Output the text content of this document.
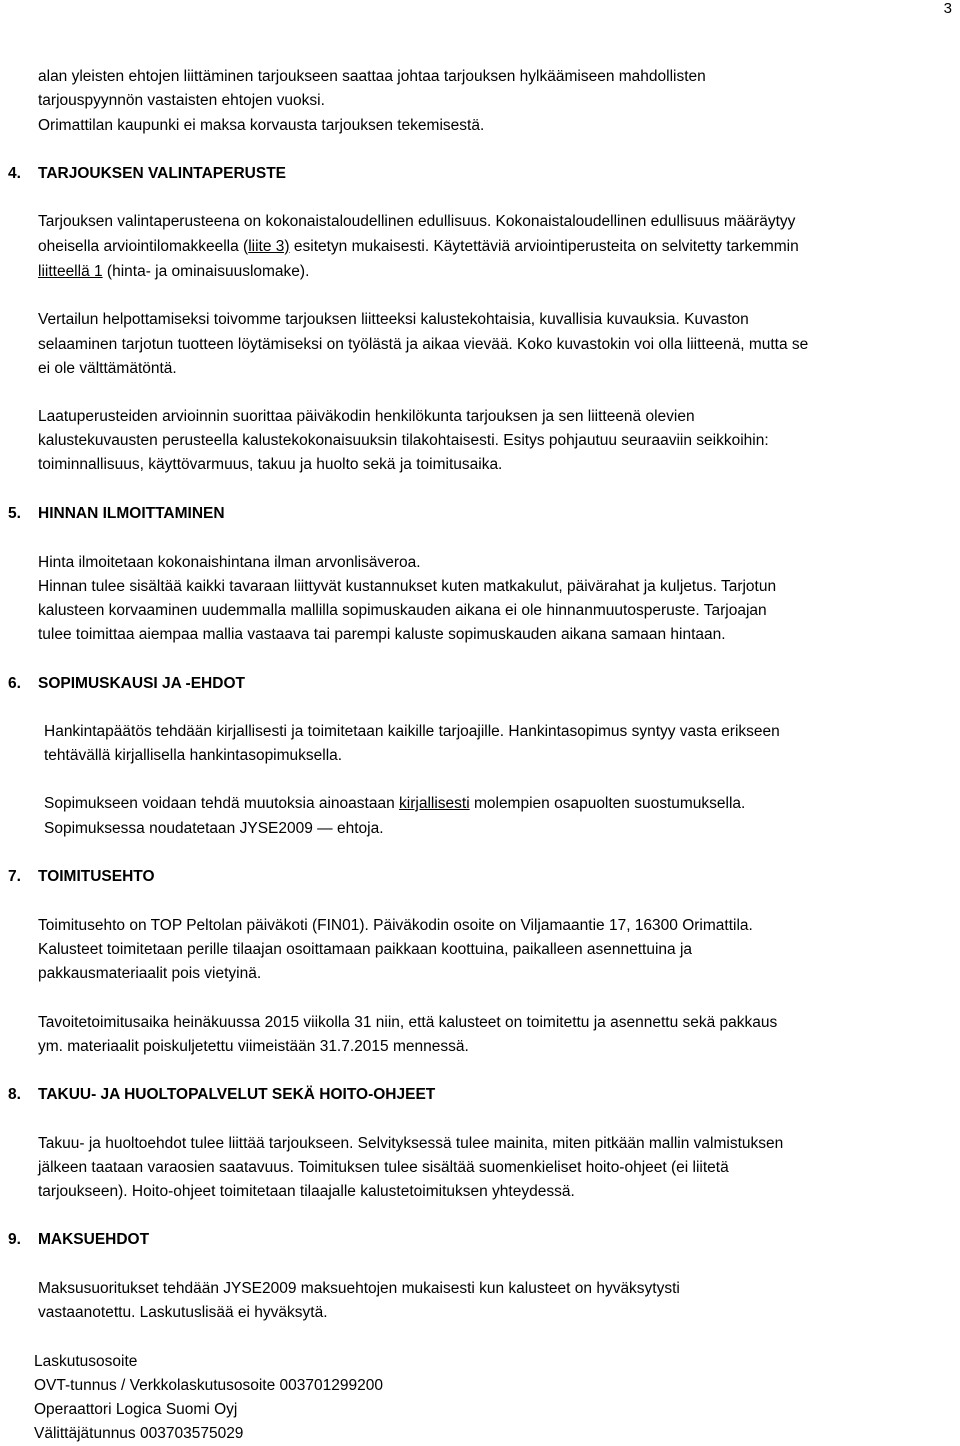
3
alan yleisten ehtojen liittäminen tarjoukseen saattaa johtaa tarjouksen hylkäämiseen mahdollisten
tarjouspyynnön vastaisten ehtojen vuoksi.
Orimattilan kaupunki ei maksa korvausta tarjouksen tekemisestä.
4. TARJOUKSEN VALINTAPERUSTE
Tarjouksen valintaperusteena on kokonaistaloudellinen edullisuus. Kokonaistaloudellinen edullisuus määräytyy
oheisella arviointilomakkeella (liite 3) esitetyn mukaisesti. Käytettäviä arviointiperusteita on selvitetty tarkemmin
liitteellä 1 (hinta- ja ominaisuuslomake).
Vertailun helpottamiseksi toivomme tarjouksen liitteeksi kalustekohtaisia, kuvallisia kuvauksia. Kuvaston
selaaminen tarjotun tuotteen löytämiseksi on työlästä ja aikaa vievää. Koko kuvastokin voi olla liitteenä, mutta se
ei ole välttämätöntä.
Laatuperusteiden arvioinnin suorittaa päiväkodin henkilökunta tarjouksen ja sen liitteenä olevien
kalustekuvausten perusteella kalustekokonaisuuksin tilakohtaisesti. Esitys pohjautuu seuraaviin seikkoihin:
toiminnallisuus, käyttövarmuus, takuu ja huolto sekä ja toimitusaika.
5. HINNAN ILMOITTAMINEN
Hinta ilmoitetaan kokonaishintana ilman arvonlisäveroa.
Hinnan tulee sisältää kaikki tavaraan liittyvät kustannukset kuten matkakulut, päivärahat ja kuljetus. Tarjotun
kalusteen korvaaminen uudemmalla mallilla sopimuskauden aikana ei ole hinnanmuutosperuste. Tarjoajan
tulee toimittaa aiempaa mallia vastaava tai parempi kaluste sopimuskauden aikana samaan hintaan.
6. SOPIMUSKAUSI JA -EHDOT
Hankintapäätös tehdään kirjallisesti ja toimitetaan kaikille tarjoajille. Hankintasopimus syntyy vasta erikseen
tehtävällä kirjallisella hankintasopimuksella.
Sopimukseen voidaan tehdä muutoksia ainoastaan kirjallisesti molempien osapuolten suostumuksella.
Sopimuksessa noudatetaan JYSE2009 — ehtoja.
7. TOIMITUSEHTO
Toimitusehto on TOP Peltolan päiväkoti (FIN01). Päiväkodin osoite on Viljamaantie 17, 16300 Orimattila.
Kalusteet toimitetaan perille tilaajan osoittamaan paikkaan koottuina, paikalleen asennettuina ja
pakkausmateriaalit pois vietyinä.
Tavoitetoimitusaika heinäkuussa 2015 viikolla 31 niin, että kalusteet on toimitettu ja asennettu sekä pakkaus
ym. materiaalit poiskuljetettu viimeistään 31.7.2015 mennessä.
8. TAKUU- JA HUOLTOPALVELUT SEKÄ HOITO-OHJEET
Takuu- ja huoltoehdot tulee liittää tarjoukseen. Selvityksessä tulee mainita, miten pitkään mallin valmistuksen
jälkeen taataan varaosien saatavuus. Toimituksen tulee sisältää suomenkieliset hoito-ohjeet (ei liitetä
tarjoukseen). Hoito-ohjeet toimitetaan tilaajalle kalustetoimituksen yhteydessä.
9. MAKSUEHDOT
Maksusuoritukset tehdään JYSE2009 maksuehtojen mukaisesti kun kalusteet on hyväksytysti
vastaanotettu. Laskutuslisää ei hyväksytä.
Laskutusosoite
OVT-tunnus / Verkkolaskutusosoite 003701299200
Operaattori Logica Suomi Oyj
Välittäjätunnus 003703575029
